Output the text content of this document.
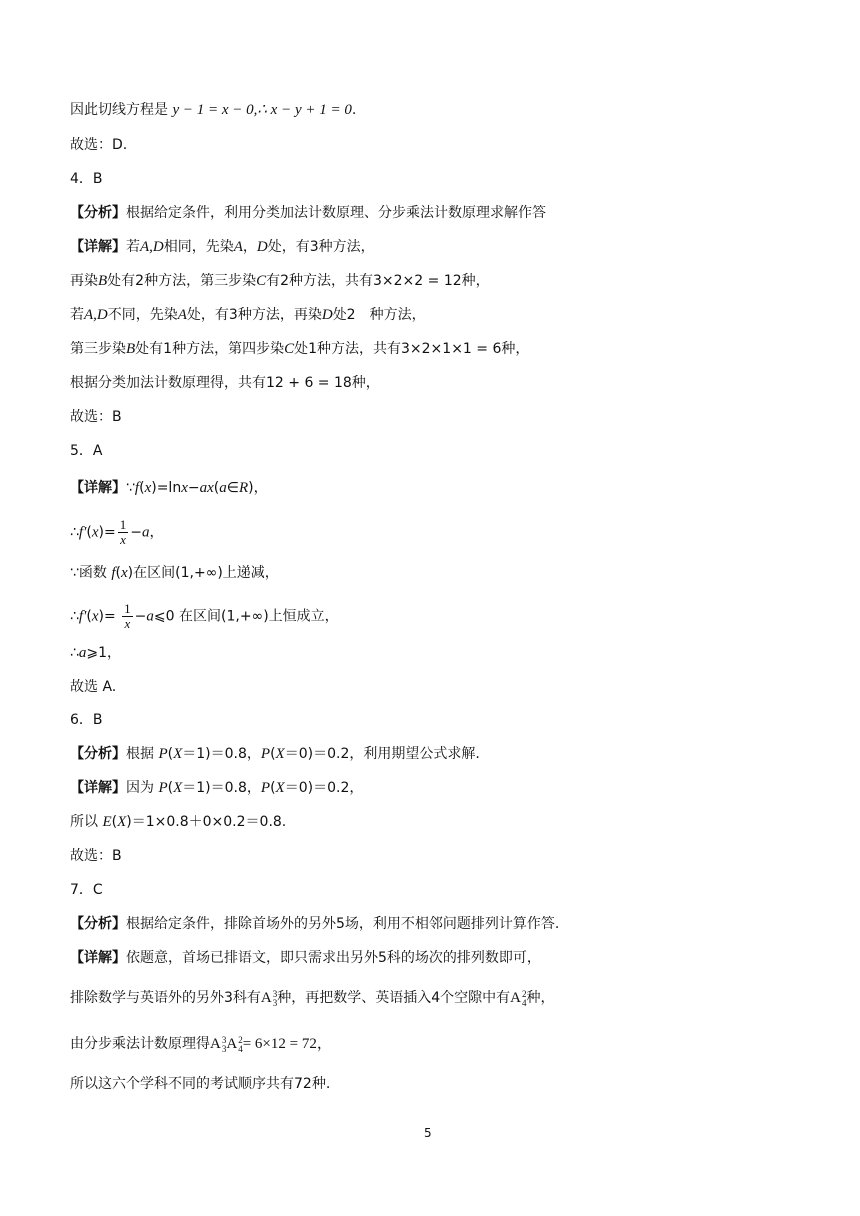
因此切线方程是 y − 1 = x − 0,∴ x − y + 1 = 0.
故选：D.
4．B
【分析】根据给定条件，利用分类加法计数原理、分步乘法计数原理求解作答
【详解】若A,D相同，先染A，D处，有3种方法，
再染B处有2种方法，第三步染C有2种方法，共有3×2×2 = 12种，
若A,D不同，先染A处，有3种方法，再染D处2　种方法，
第三步染B处有1种方法，第四步染C处1种方法，共有3×2×1×1 = 6种，
根据分类加法计数原理得，共有12 + 6 = 18种，
故选：B
5．A
【详解】∵f(x)=lnx−ax(a∈R)，
∴f′(x)= $\frac{1}{x} -a$，
∵函数 f(x)在区间(1,+∞)上递减，
∴f′(x)= $\frac{1}{x}$ −a⩽0 在区间(1,+∞)上恒成立，
∴a⩾1，
故选 A.
6．B
【分析】根据 P(X＝1)＝0.8，P(X＝0)＝0.2，利用期望公式求解.
【详解】因为 P(X＝1)＝0.8，P(X＝0)＝0.2，
所以 E(X)＝1×0.8＋0×0.2＝0.8.
故选：B
7．C
【分析】根据给定条件，排除首场外的另外5场，利用不相邻问题排列计算作答.
【详解】依题意，首场已排语文，即只需求出另外5科的场次的排列数即可，
排除数学与英语外的另外3科有A 3
3 种，再把数学、英语插入4个空隙中有A 2
4 种，
由分步乘法计数原理得A 3
3 A 2
4 = 6×12 = 72，
所以这六个学科不同的考试顺序共有72种.
5
